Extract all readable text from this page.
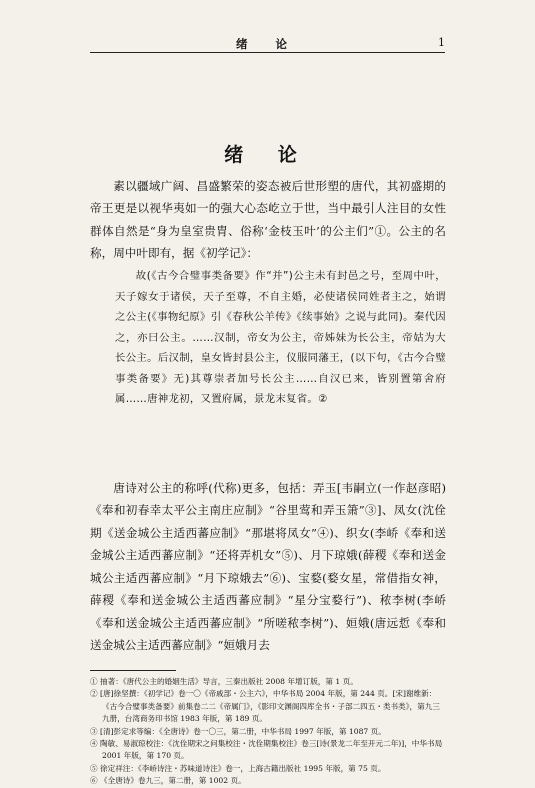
绪 论	1
绪 论

素以疆域广阔、昌盛繁荣的姿态被后世形塑的唐代，其初盛期的帝王更是以视华夷如一的强大心态屹立于世，当中最引人注目的女性群体自然是“身为皇室贵胄、俗称‘金枝玉叶’的公主们”①。公主的名称，周中叶即有，据《初学记》：

故(《古今合璧事类备要》作“并”)公主未有封邑之号，至周中叶，天子嫁女于诸侯，天子至尊，不自主婚，必使诸侯同姓者主之，始谓之公主(《事物纪原》引《春秋公羊传》《续事始》之说与此同)。秦代因之，亦曰公主。……汉制，帝女为公主，帝姊妹为长公主，帝姑为大长公主。后汉制，皇女皆封县公主，仪服同藩王，(以下句，《古今合璧事类备要》无)其尊崇者加号长公主……自汉已来，皆别置第舍府属……唐神龙初，又置府属，景龙末复省。②

唐诗对公主的称呼(代称)更多，包括：弄玉[韦嗣立(一作赵彦昭)《奉和初春幸太平公主南庄应制》“谷里莺和弄玉箫”③]、凤女(沈佺期《送金城公主适西蕃应制》“那堪将凤女”④)、织女(李峤《奉和送金城公主适西蕃应制》“还将弄机女”⑤)、月下琼娥(薛稷《奉和送金城公主适西蕃应制》“月下琼娥去”⑥)、宝婺(婺女星，常借指女神，薛稷《奉和送金城公主适西蕃应制》“星分宝婺行”)、秾李树(李峤《奉和送金城公主适西蕃应制》“所嗟秾李树”)、姮娥(唐远悊《奉和送金城公主适西蕃应制》“姮娥月去

① 抽著：《唐代公主的婚姻生活》导言，三秦出版社 2008 年增订版，第 1 页。
② [唐]徐坚撰：《初学记》卷一〇《帝戚部・公主六》，中华书局 2004 年版，第 244 页。[宋]谢维新：《古今合璧事类备要》前集卷二二《帝属门》，《影印文渊阁四库全书・子部二四五・类书类》，第九三九册，台湾商务印书馆 1983 年版，第 189 页。
③ [清]彭定求等编：《全唐诗》卷一〇三，第二册，中华书局 1997 年版，第 1087 页。
④ 陶敏、易淑琼校注：《沈佺期宋之问集校注・沈佺期集校注》卷三[诗(景龙二年至开元二年)]，中华书局 2001 年版，第 170 页。
⑤ 徐定祥注：《李峤诗注・苏味道诗注》卷一，上海古籍出版社 1995 年版，第 75 页。
⑥ 《全唐诗》卷九三，第二册，第 1002 页。
